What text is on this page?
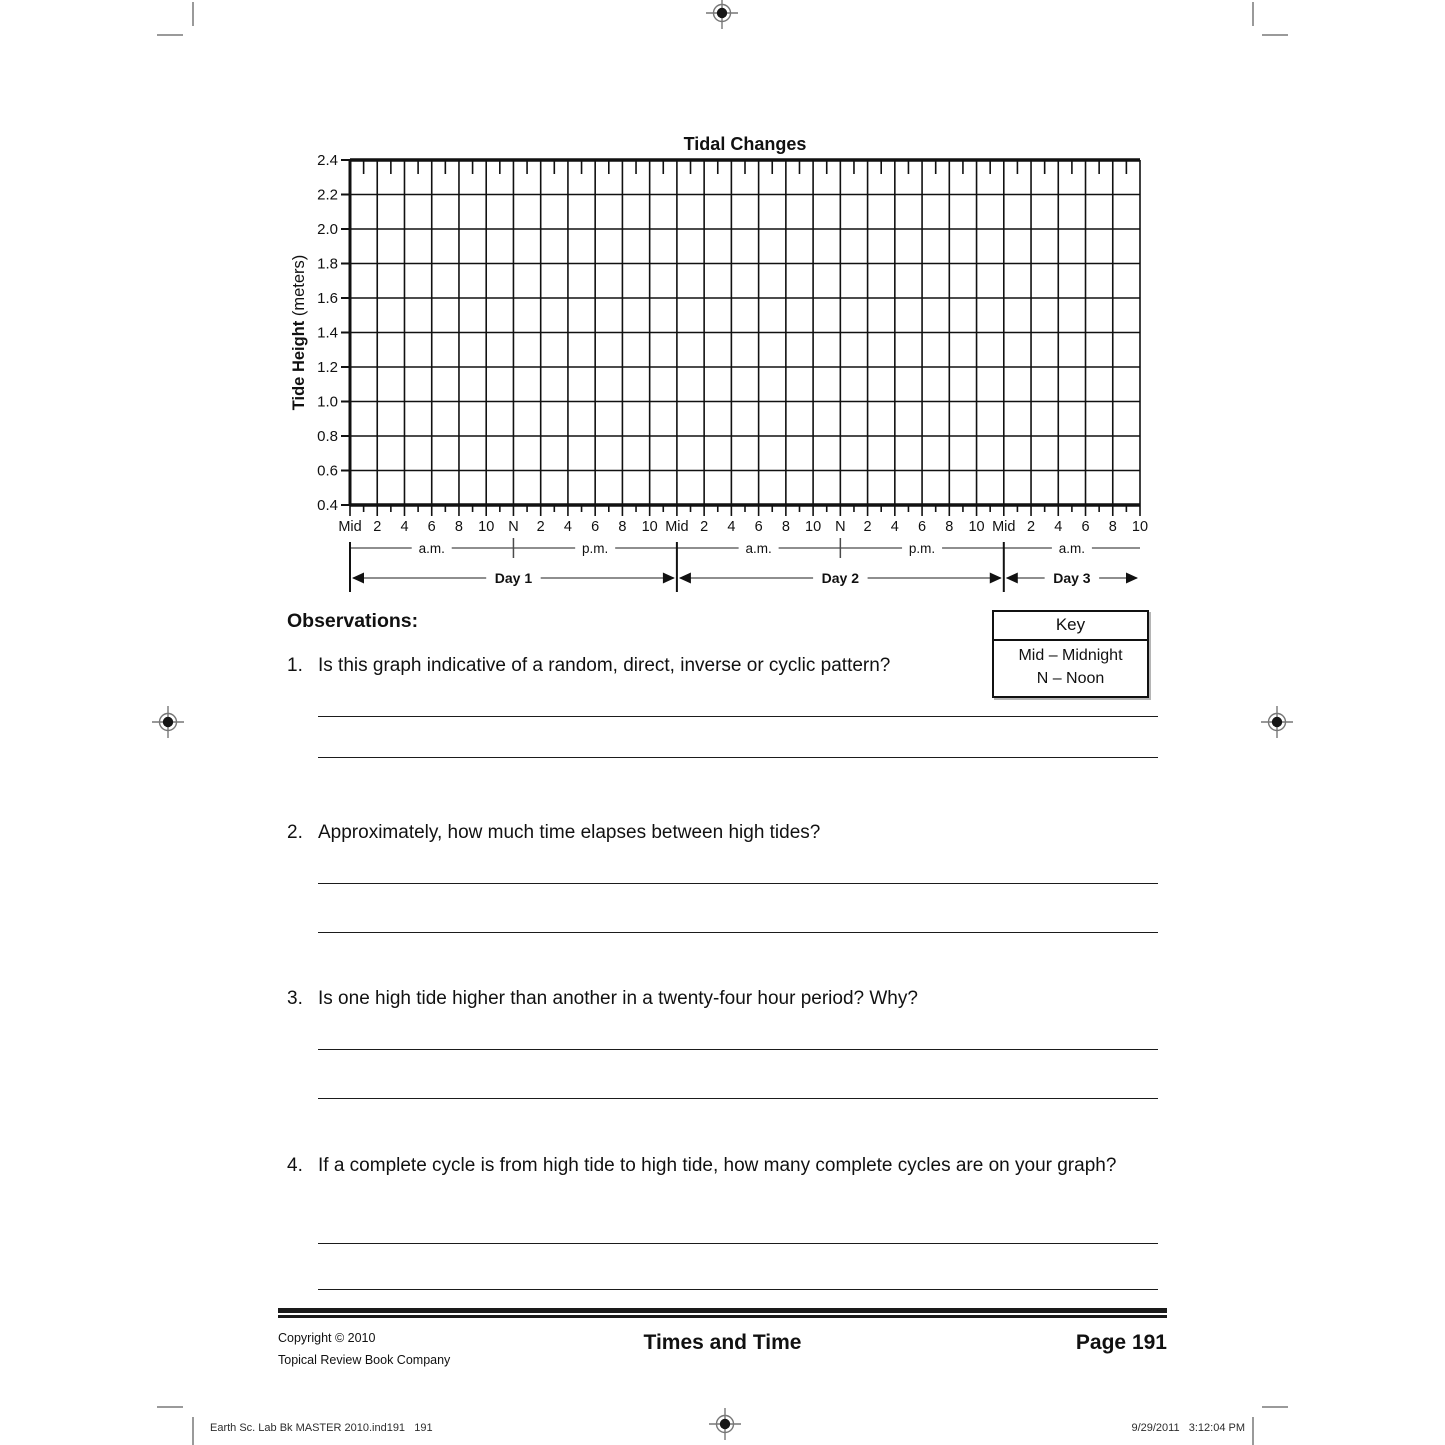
Tidal Changes
2.4
2.2
2.0
1.8
1.6
1.4
1.2
1.0
0.8
0.6
0.4
Mid 2 4 6 8 10 N 2 4 6 8 10 Mid 2 4 6 8 10 N 2 4 6 8 10 Mid 2 4 6 8 10
Tide Height (meters)
a.m.	p.m.	a.m.	p.m.	a.m.
Day 1	Day 2	Day 3
Key
Mid – Midnight
N – Noon
Observations:
1. Is this graph indicative of a random, direct, inverse or cyclic pattern?
2. Approximately, how much time elapses between high tides?
3. Is one high tide higher than another in a twenty-four hour period? Why?
4. If a complete cycle is from high tide to high tide, how many complete cycles are on your graph?
Copyright © 2010
Topical Review Book Company
Times and Time	Page 191
Earth Sc. Lab Bk MASTER 2010.ind191   191	9/29/2011   3:12:04 PM
